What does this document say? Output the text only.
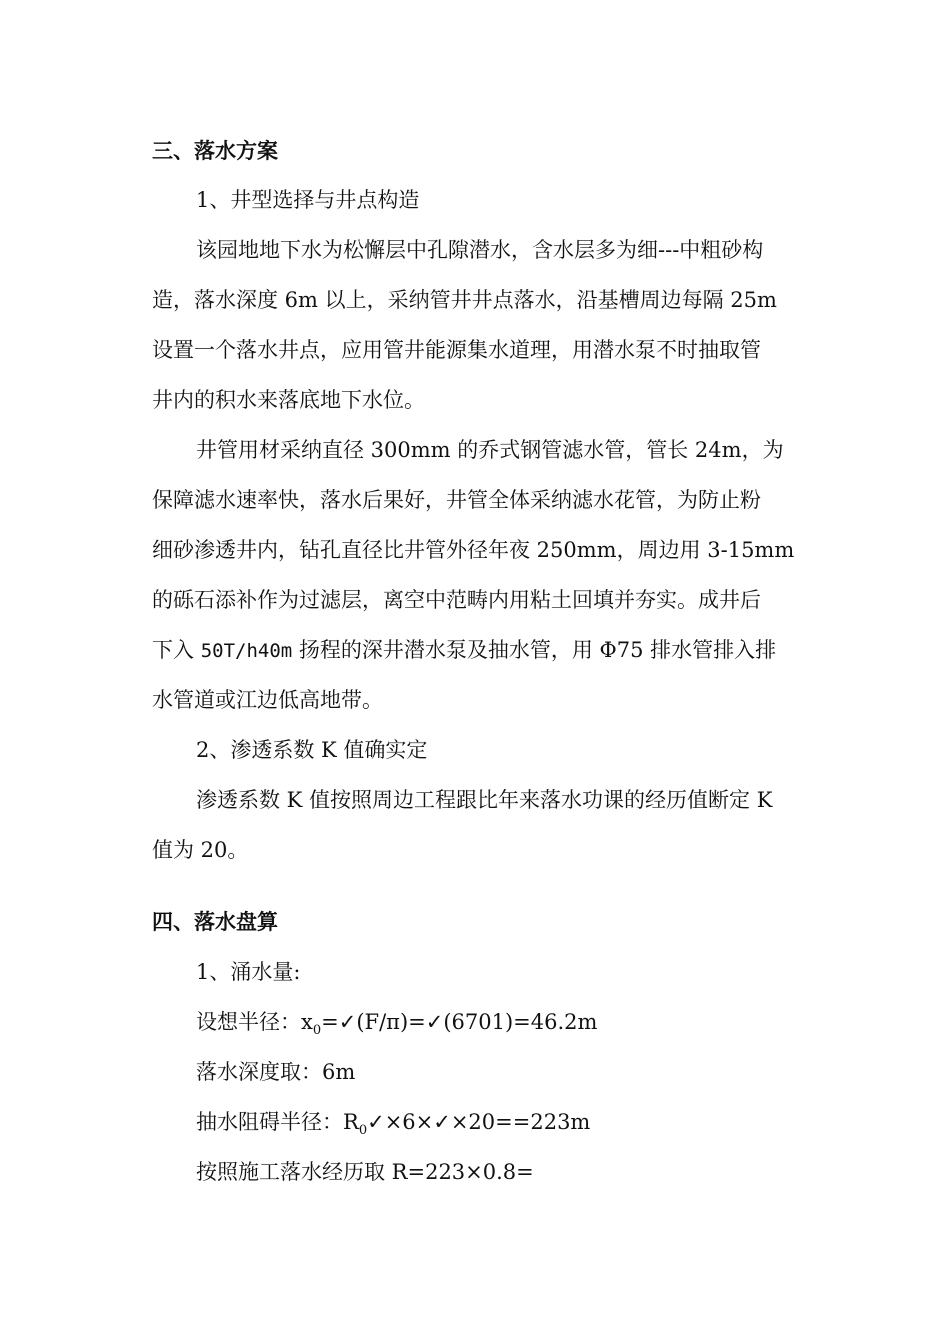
三、落水方案
1、井型选择与井点构造
该园地地下水为松懈层中孔隙潜水，含水层多为细---中粗砂构
造，落水深度 6m 以上，采纳管井井点落水，沿基槽周边每隔 25m
设置一个落水井点，应用管井能源集水道理，用潜水泵不时抽取管
井内的积水来落底地下水位。
井管用材采纳直径 300mm 的乔式钢管滤水管，管长 24m，为
保障滤水速率快，落水后果好，井管全体采纳滤水花管，为防止粉
细砂渗透井内，钻孔直径比井管外径年夜 250mm，周边用 3-15mm
的砾石添补作为过滤层，离空中范畴内用粘土回填并夯实。成井后
下入 50T/h40m 扬程的深井潜水泵及抽水管，用 Φ75 排水管排入排
水管道或江边低高地带。
2、渗透系数 K 值确实定
渗透系数 K 值按照周边工程跟比年来落水功课的经历值断定 K
值为 20。
四、落水盘算
1、涌水量:
设想半径：$x_0=✓(F/\pi)=✓(6701)=46.2m$
落水深度取：6m
抽水阻碍半径：$R_0✓\times 6\times✓\times 20==223m$
按照施工落水经历取 R=223×0.8=
